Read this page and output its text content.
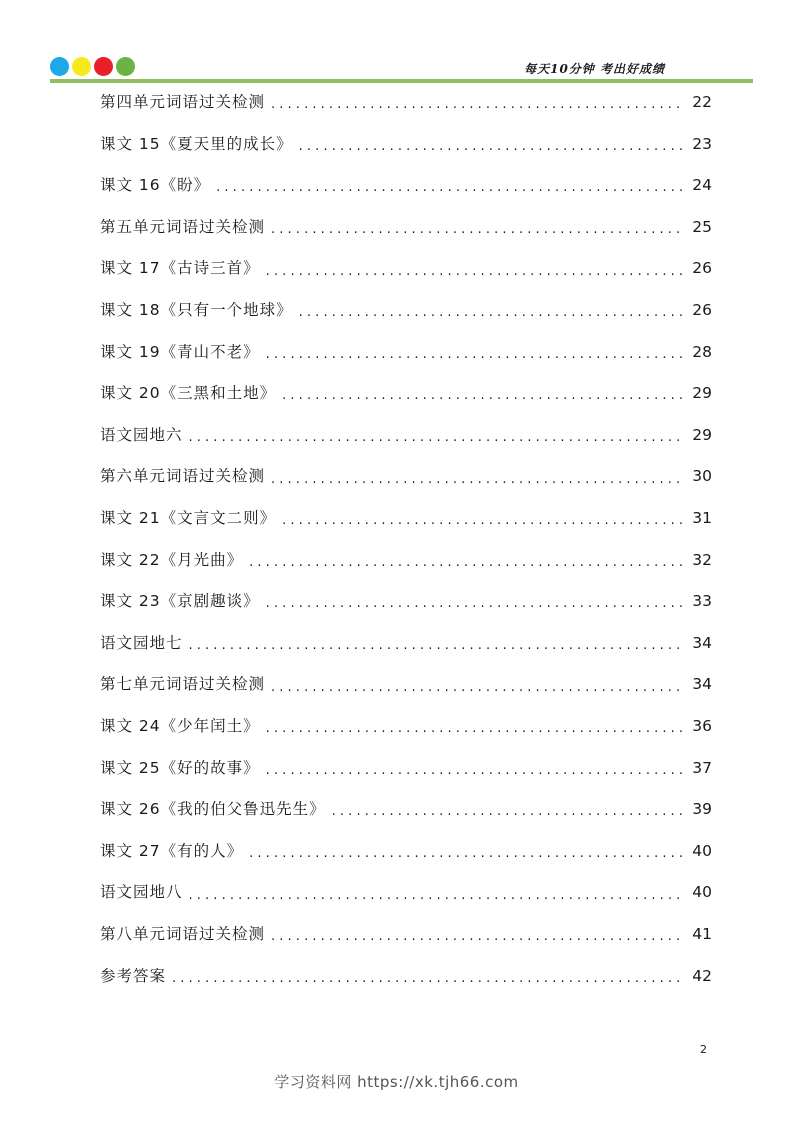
每天10分钟 考出好成绩
第四单元词语过关检测 . . .	22
课文 15《夏天里的成长》 . . .	23
课文 16《盼》 . . .	24
第五单元词语过关检测 . . .	25
课文 17《古诗三首》 . . .	26
课文 18《只有一个地球》 . . .	26
课文 19《青山不老》 . . .	28
课文 20《三黑和土地》 . . .	29
语文园地六 . . .	29
第六单元词语过关检测 . . .	30
课文 21《文言文二则》 . . .	31
课文 22《月光曲》 . . .	32
课文 23《京剧趣谈》 . . .	33
语文园地七 . . .	34
第七单元词语过关检测 . . .	34
课文 24《少年闰土》 . . .	36
课文 25《好的故事》 . . .	37
课文 26《我的伯父鲁迅先生》 . . .	39
课文 27《有的人》 . . .	40
语文园地八 . . .	40
第八单元词语过关检测 . . .	41
参考答案 . . .	42
2
学习资料网 https://xk.tjh66.com
